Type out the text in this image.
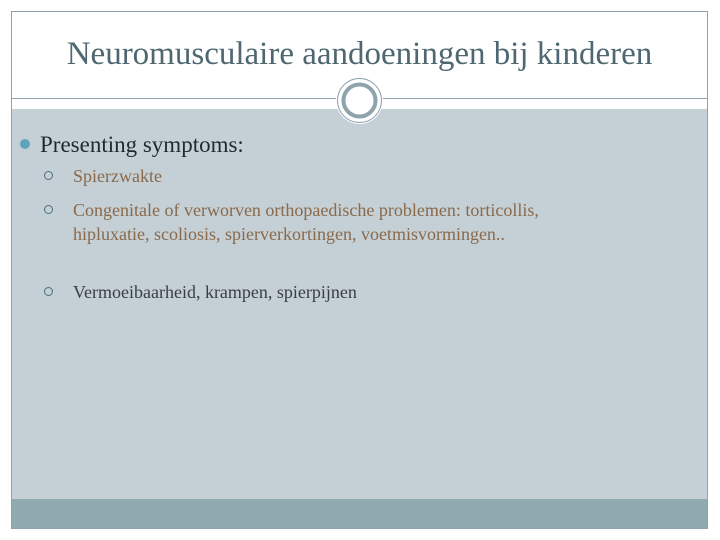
Neuromusculaire aandoeningen bij kinderen

Presenting symptoms:

Spierzwakte
Congenitale of verworven orthopaedische problemen: torticollis, hipluxatie, scoliosis, spierverkortingen, voetmisvormingen..
Vermoeibaarheid, krampen, spierpijnen
